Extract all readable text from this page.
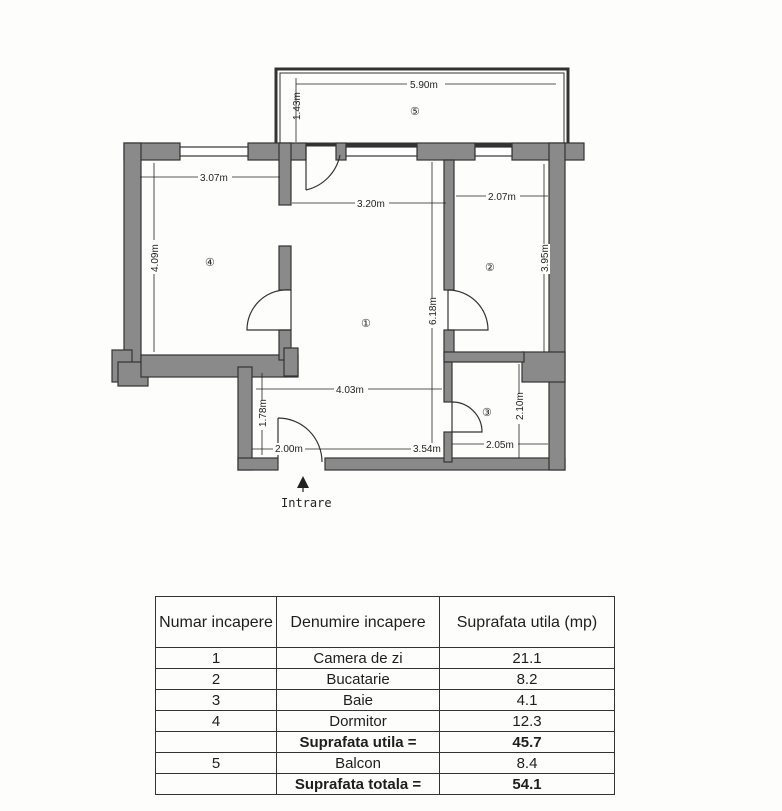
5.90m
1.43m
3.07m
4.09m
3.20m
6.18m
4.03m
2.07m
3.95m
2.10m
2.05m
1.78m
2.00m	3.54m
①
②
③
④
⑤
Intrare
Numar incapere	Denumire incapere	Suprafata utila (mp)
1	Camera de zi	21.1
2	Bucatarie	8.2
3	Baie	4.1
4	Dormitor	12.3
	Suprafata utila =	45.7
5	Balcon	8.4
	Suprafata totala =	54.1
